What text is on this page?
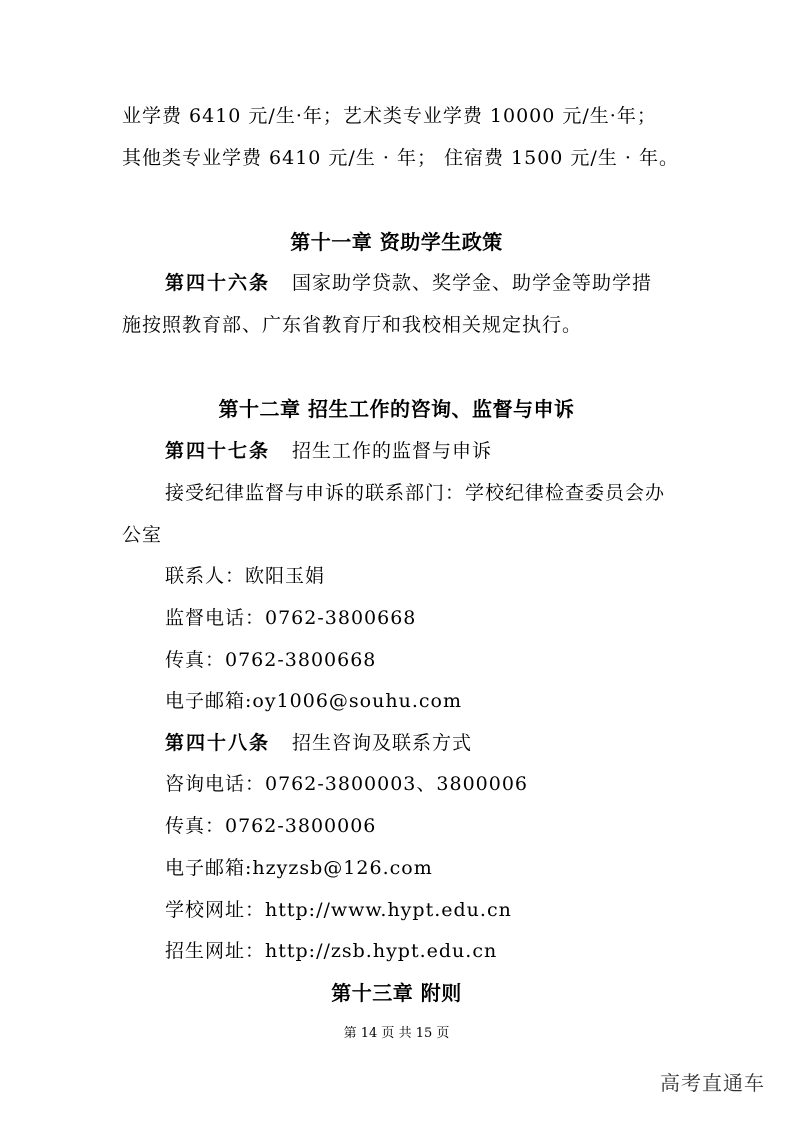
业学费 6410 元/生·年；艺术类专业学费 10000 元/生·年；
其他类专业学费 6410 元/生 · 年； 住宿费 1500 元/生 · 年。
第十一章 资助学生政策
第四十六条 国家助学贷款、奖学金、助学金等助学措
施按照教育部、广东省教育厅和我校相关规定执行。
第十二章 招生工作的咨询、监督与申诉
第四十七条 招生工作的监督与申诉
接受纪律监督与申诉的联系部门：学校纪律检查委员会办
公室
联系人：欧阳玉娟
监督电话：0762-3800668
传真：0762-3800668
电子邮箱:oy1006@souhu.com
第四十八条 招生咨询及联系方式
咨询电话：0762-3800003、3800006
传真：0762-3800006
电子邮箱:hzyzsb@126.com
学校网址：http://www.hypt.edu.cn
招生网址：http://zsb.hypt.edu.cn
第十三章 附则
第 14 页 共 15 页
高考直通车
